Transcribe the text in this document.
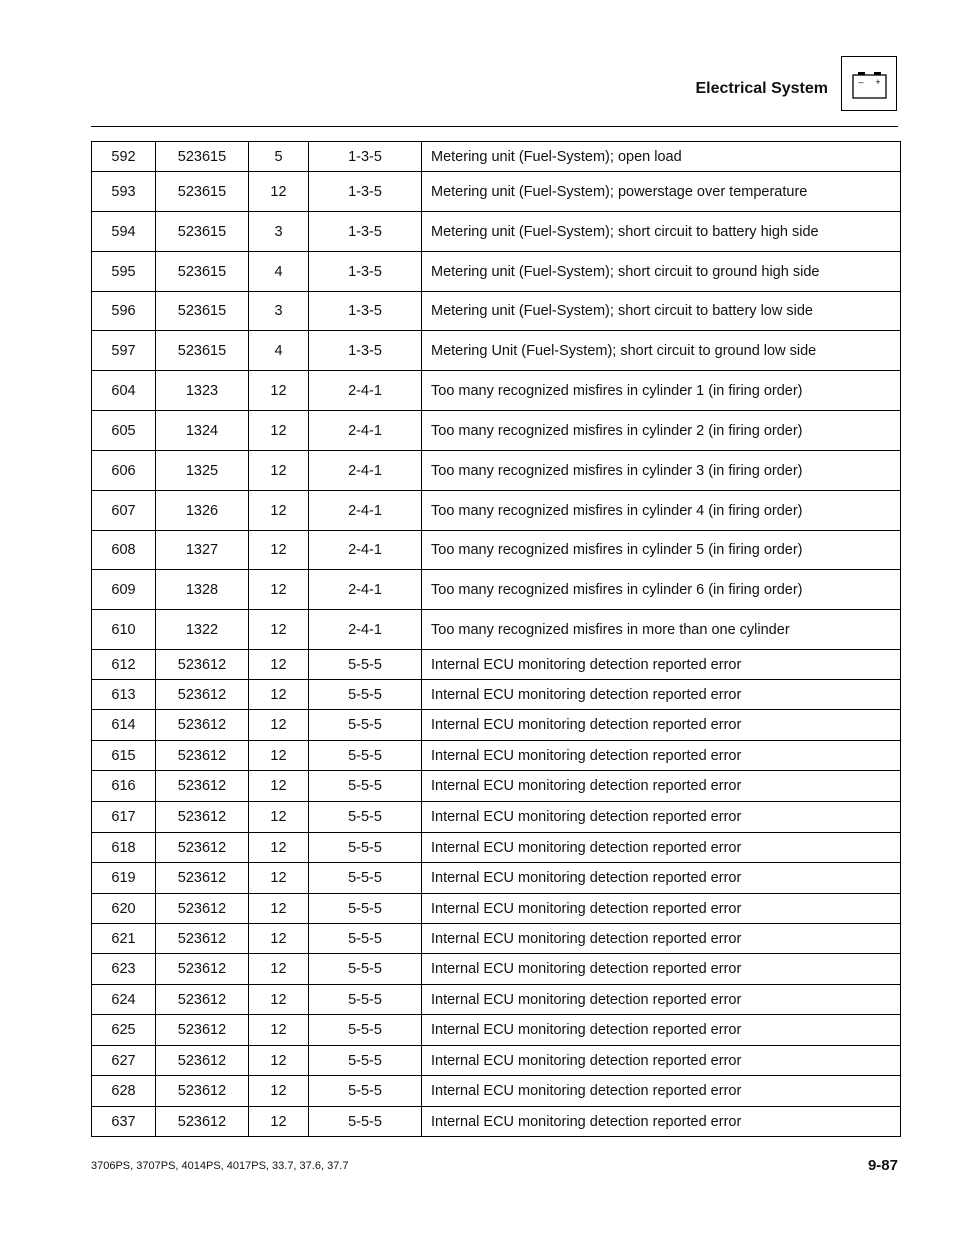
Electrical System	– +
592	523615	5	1-3-5	Metering unit (Fuel-System); open load
593	523615	12	1-3-5	Metering unit (Fuel-System); powerstage over temperature
594	523615	3	1-3-5	Metering unit (Fuel-System); short circuit to battery high side
595	523615	4	1-3-5	Metering unit (Fuel-System); short circuit to ground high side
596	523615	3	1-3-5	Metering unit (Fuel-System); short circuit to battery low side
597	523615	4	1-3-5	Metering Unit (Fuel-System); short circuit to ground low side
604	1323	12	2-4-1	Too many recognized misfires in cylinder 1 (in firing order)
605	1324	12	2-4-1	Too many recognized misfires in cylinder 2 (in firing order)
606	1325	12	2-4-1	Too many recognized misfires in cylinder 3 (in firing order)
607	1326	12	2-4-1	Too many recognized misfires in cylinder 4 (in firing order)
608	1327	12	2-4-1	Too many recognized misfires in cylinder 5 (in firing order)
609	1328	12	2-4-1	Too many recognized misfires in cylinder 6 (in firing order)
610	1322	12	2-4-1	Too many recognized misfires in more than one cylinder
612	523612	12	5-5-5	Internal ECU monitoring detection reported error
613	523612	12	5-5-5	Internal ECU monitoring detection reported error
614	523612	12	5-5-5	Internal ECU monitoring detection reported error
615	523612	12	5-5-5	Internal ECU monitoring detection reported error
616	523612	12	5-5-5	Internal ECU monitoring detection reported error
617	523612	12	5-5-5	Internal ECU monitoring detection reported error
618	523612	12	5-5-5	Internal ECU monitoring detection reported error
619	523612	12	5-5-5	Internal ECU monitoring detection reported error
620	523612	12	5-5-5	Internal ECU monitoring detection reported error
621	523612	12	5-5-5	Internal ECU monitoring detection reported error
623	523612	12	5-5-5	Internal ECU monitoring detection reported error
624	523612	12	5-5-5	Internal ECU monitoring detection reported error
625	523612	12	5-5-5	Internal ECU monitoring detection reported error
627	523612	12	5-5-5	Internal ECU monitoring detection reported error
628	523612	12	5-5-5	Internal ECU monitoring detection reported error
637	523612	12	5-5-5	Internal ECU monitoring detection reported error
3706PS, 3707PS, 4014PS, 4017PS, 33.7, 37.6, 37.7	9-87
